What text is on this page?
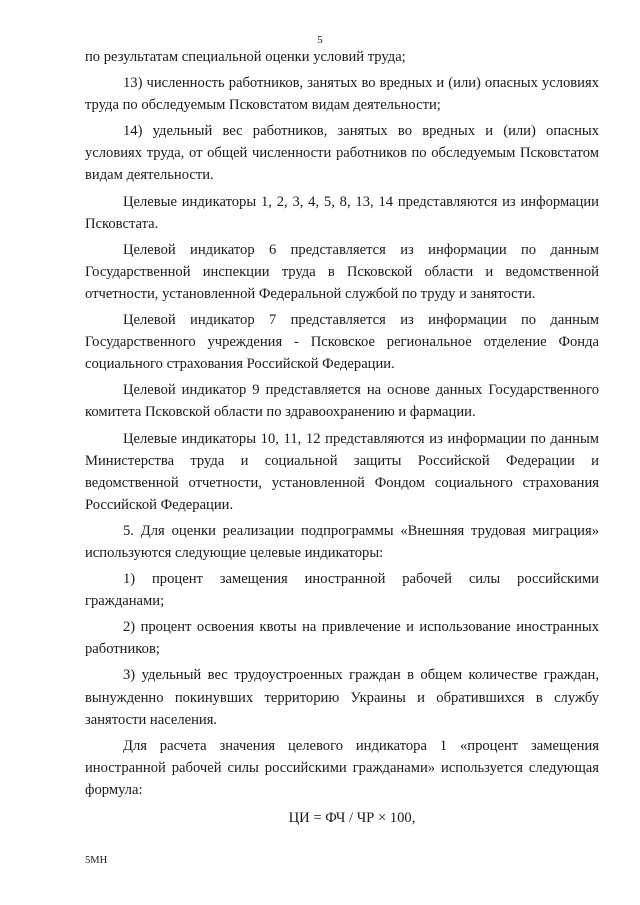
5

по результатам специальной оценки условий труда;

13) численность работников, занятых во вредных и (или) опасных условиях труда по обследуемым Псковстатом видам деятельности;

14) удельный вес работников, занятых во вредных и (или) опасных условиях труда, от общей численности работников по обследуемым Псковстатом видам деятельности.

Целевые индикаторы 1, 2, 3, 4, 5, 8, 13, 14 представляются из информации Псковстата.

Целевой индикатор 6 представляется из информации по данным Государственной инспекции труда в Псковской области и ведомственной отчетности, установленной Федеральной службой по труду и занятости.

Целевой индикатор 7 представляется из информации по данным Государственного учреждения - Псковское региональное отделение Фонда социального страхования Российской Федерации.

Целевой индикатор 9 представляется на основе данных Государственного комитета Псковской области по здравоохранению и фармации.

Целевые индикаторы 10, 11, 12 представляются из информации по данным Министерства труда и социальной защиты Российской Федерации и ведомственной отчетности, установленной Фондом социального страхования Российской Федерации.

5. Для оценки реализации подпрограммы «Внешняя трудовая миграция» используются следующие целевые индикаторы:

1) процент замещения иностранной рабочей силы российскими гражданами;

2) процент освоения квоты на привлечение и использование иностранных работников;

3) удельный вес трудоустроенных граждан в общем количестве граждан, вынужденно покинувших территорию Украины и обратившихся в службу занятости населения.

Для расчета значения целевого индикатора 1 «процент замещения иностранной рабочей силы российскими гражданами» используется следующая формула:

ЦИ = ФЧ / ЧР × 100,
5МН
